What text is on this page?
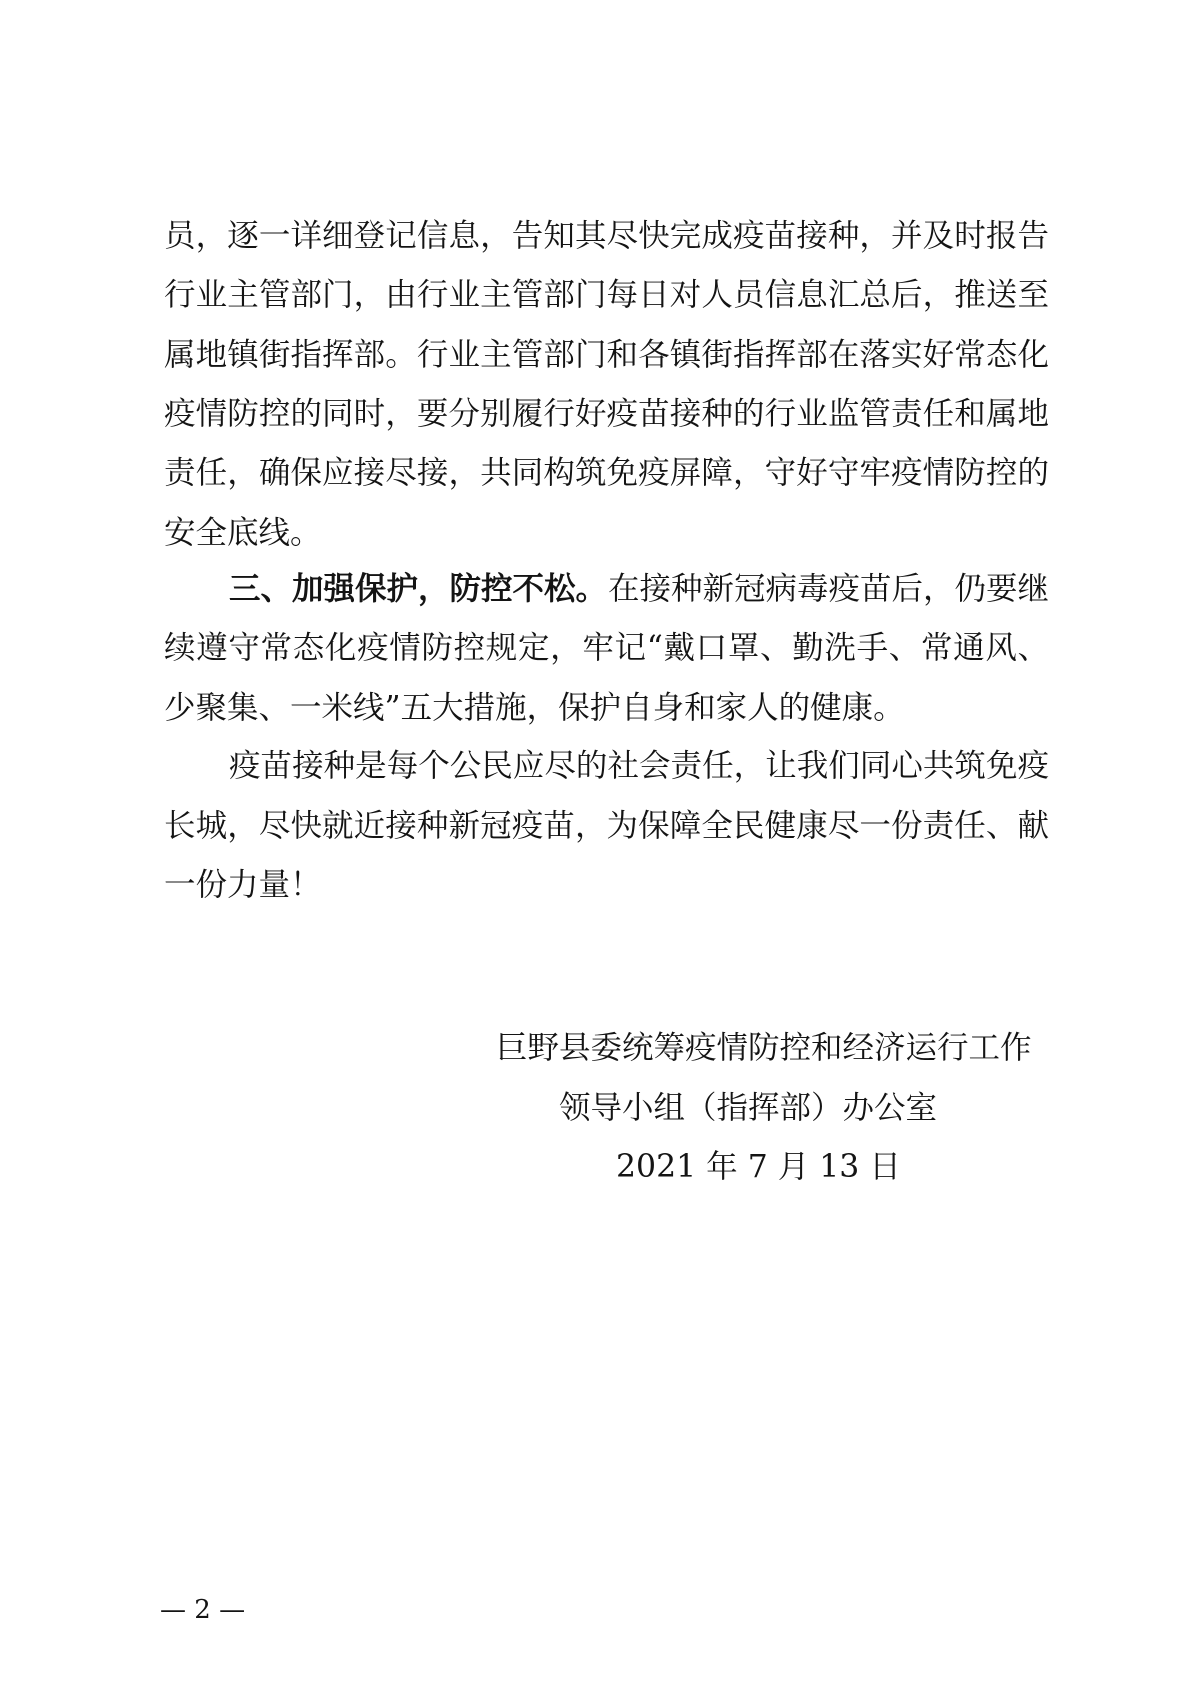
员，逐一详细登记信息，告知其尽快完成疫苗接种，并及时报告
行业主管部门，由行业主管部门每日对人员信息汇总后，推送至
属地镇街指挥部。行业主管部门和各镇街指挥部在落实好常态化
疫情防控的同时，要分别履行好疫苗接种的行业监管责任和属地
责任，确保应接尽接，共同构筑免疫屏障，守好守牢疫情防控的
安全底线。
三、加强保护，防控不松。 在接种新冠病毒疫苗后，仍要继
续遵守常态化疫情防控规定，牢记“戴口罩、勤洗手、常通风、
少聚集、一米线”五大措施，保护自身和家人的健康。
疫苗接种是每个公民应尽的社会责任，让我们同心共筑免疫
长城，尽快就近接种新冠疫苗，为保障全民健康尽一份责任、献
一份力量！
巨野县委统筹疫情防控和经济运行工作
领导小组（指挥部）办公室
2021 年 7 月 13 日
— 2 —
